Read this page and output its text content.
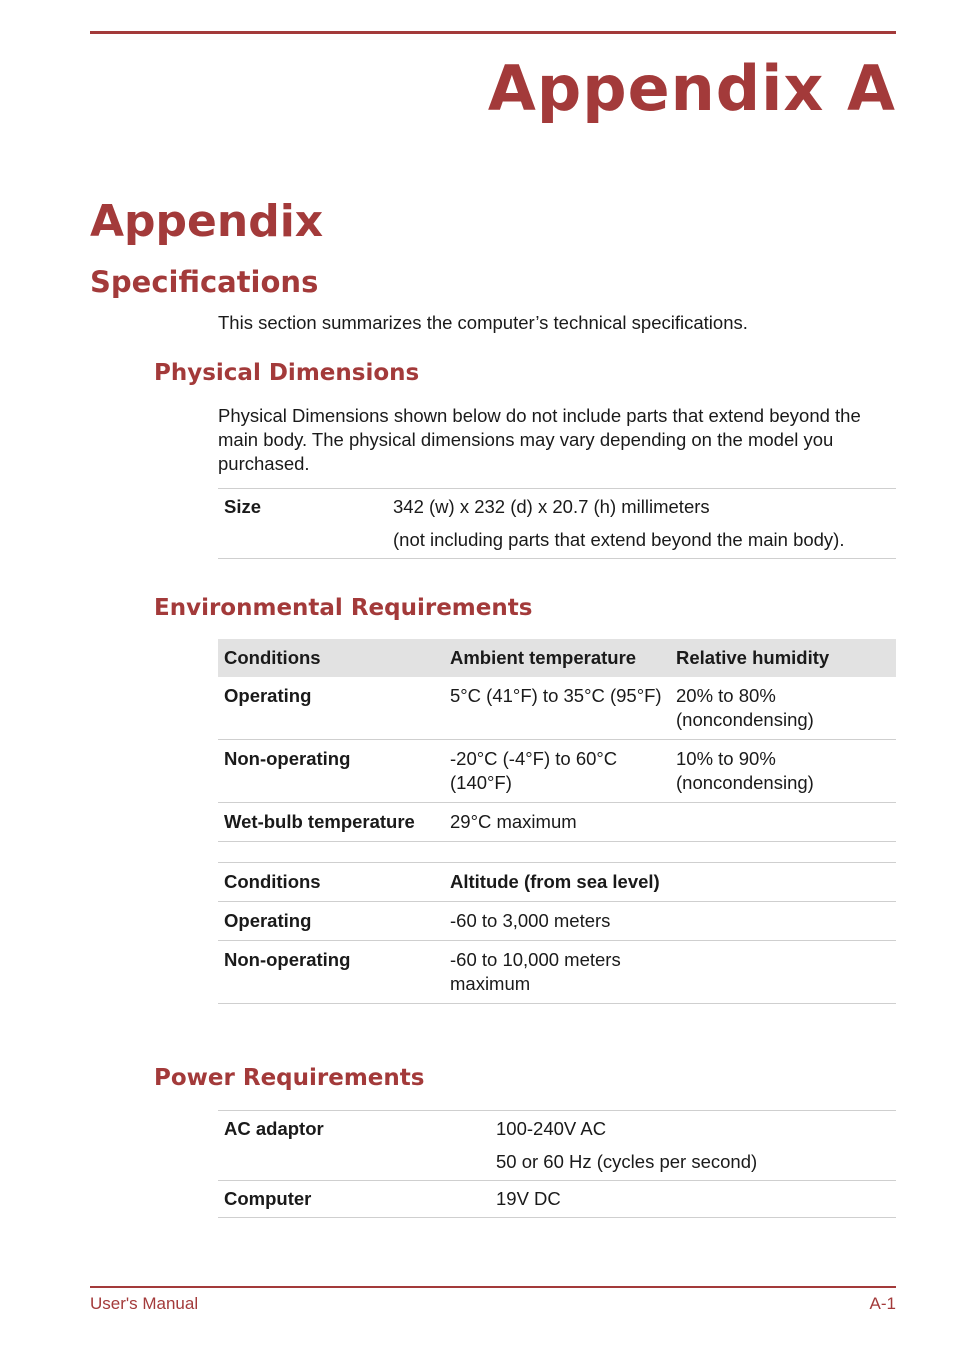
Appendix A
Appendix
Specifications

This section summarizes the computer’s technical specifications.

Physical Dimensions

Physical Dimensions shown below do not include parts that extend beyond the main body. The physical dimensions may vary depending on the model you purchased.

Size	342 (w) x 232 (d) x 20.7 (h) millimeters
(not including parts that extend beyond the main body).
Environmental Requirements
Conditions	Ambient temperature	Relative humidity
Operating	5°C (41°F) to 35°C (95°F)	20% to 80% (noncondensing)
Non-operating	-20°C (-4°F) to 60°C (140°F)	10% to 90% (noncondensing)
Wet-bulb temperature	29°C maximum	

Conditions	Altitude (from sea level)	
Operating	-60 to 3,000 meters	
Non-operating	-60 to 10,000 meters maximum	
Power Requirements
AC adaptor	100-240V AC
50 or 60 Hz (cycles per second)

Computer	19V DC
User's Manual	A-1
